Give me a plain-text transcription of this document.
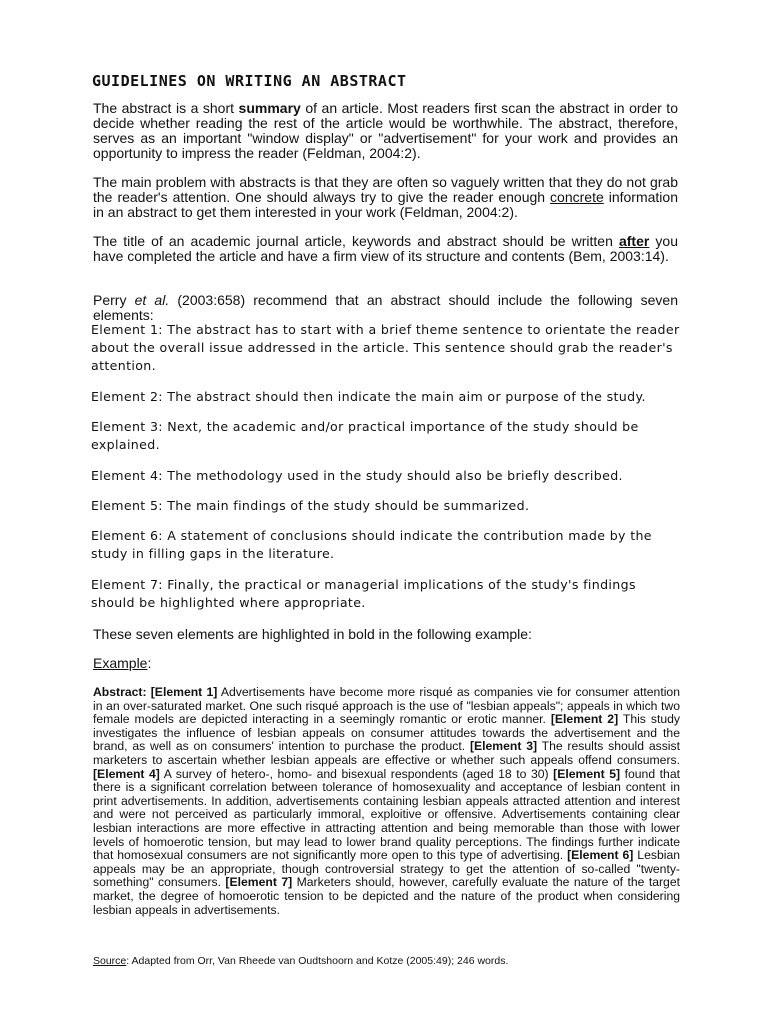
GUIDELINES ON WRITING AN ABSTRACT

The abstract is a short summary of an article. Most readers first scan the abstract in order to decide whether reading the rest of the article would be worthwhile. The abstract, therefore, serves as an important "window display" or "advertisement" for your work and provides an opportunity to impress the reader (Feldman, 2004:2).

The main problem with abstracts is that they are often so vaguely written that they do not grab the reader's attention. One should always try to give the reader enough concrete information in an abstract to get them interested in your work (Feldman, 2004:2).

The title of an academic journal article, keywords and abstract should be written after you have completed the article and have a firm view of its structure and contents (Bem, 2003:14).

Perry et al. (2003:658) recommend that an abstract should include the following seven elements:

Element 1: The abstract has to start with a brief theme sentence to orientate the reader about the overall issue addressed in the article. This sentence should grab the reader's attention.

Element 2: The abstract should then indicate the main aim or purpose of the study.

Element 3: Next, the academic and/or practical importance of the study should be explained.

Element 4: The methodology used in the study should also be briefly described.

Element 5: The main findings of the study should be summarized.

Element 6: A statement of conclusions should indicate the contribution made by the study in filling gaps in the literature.

Element 7: Finally, the practical or managerial implications of the study's findings should be highlighted where appropriate.

These seven elements are highlighted in bold in the following example:

Example:

Abstract: [Element 1] Advertisements have become more risqué as companies vie for consumer attention in an over-saturated market. One such risqué approach is the use of "lesbian appeals"; appeals in which two female models are depicted interacting in a seemingly romantic or erotic manner. [Element 2] This study investigates the influence of lesbian appeals on consumer attitudes towards the advertisement and the brand, as well as on consumers' intention to purchase the product. [Element 3] The results should assist marketers to ascertain whether lesbian appeals are effective or whether such appeals offend consumers. [Element 4] A survey of hetero-, homo- and bisexual respondents (aged 18 to 30) [Element 5] found that there is a significant correlation between tolerance of homosexuality and acceptance of lesbian content in print advertisements. In addition, advertisements containing lesbian appeals attracted attention and interest and were not perceived as particularly immoral, exploitive or offensive. Advertisements containing clear lesbian interactions are more effective in attracting attention and being memorable than those with lower levels of homoerotic tension, but may lead to lower brand quality perceptions. The findings further indicate that homosexual consumers are not significantly more open to this type of advertising. [Element 6] Lesbian appeals may be an appropriate, though controversial strategy to get the attention of so-called "twenty-something" consumers. [Element 7] Marketers should, however, carefully evaluate the nature of the target market, the degree of homoerotic tension to be depicted and the nature of the product when considering lesbian appeals in advertisements.

Source: Adapted from Orr, Van Rheede van Oudtshoorn and Kotze (2005:49); 246 words.
